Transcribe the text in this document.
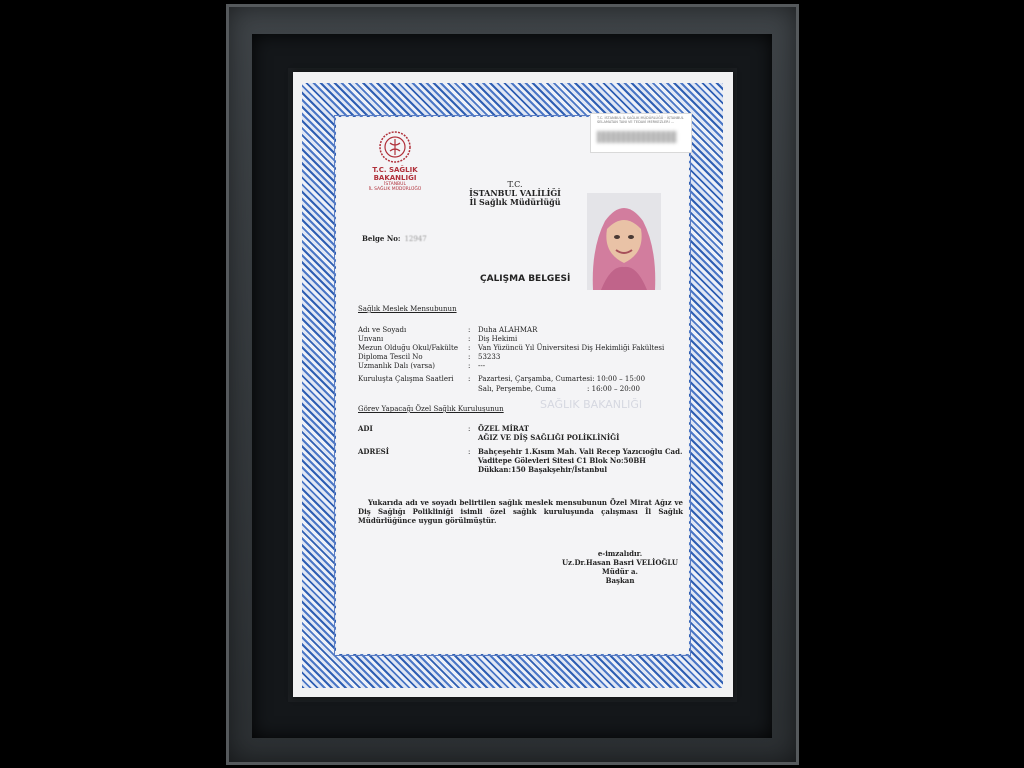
SAĞLIK BAKANLIĞI
T.C. SAĞLIK BAKANLIĞI
İSTANBUL
İL SAĞLIK MÜDÜRLÜĞÜ
T.C. İSTANBUL İL SAĞLIK MÜDÜRLÜĞÜ · İSTANBUL SELAMATAN TANI VE TEDAVİ MERKEZLERİ ...
T.C.
İSTANBUL VALİLİĞİ
İl Sağlık Müdürlüğü
Belge No: 12947
ÇALIŞMA BELGESİ
Sağlık Meslek Mensubunun
Adı ve Soyadı	: Duha ALAHMAR
Unvanı	: Diş Hekimi
Mezun Olduğu Okul/Fakülte	: Van Yüzüncü Yıl Üniversitesi Diş Hekimliği Fakültesi
Diploma Tescil No	: 53233
Uzmanlık Dalı (varsa)	: ---
Kuruluşta Çalışma Saatleri	: Pazartesi, Çarşamba, Cumartesi: 10:00 – 15:00
Salı, Perşembe, Cuma              : 16:00 – 20:00
Görev Yapacağı Özel Sağlık Kuruluşunun
ADI	: ÖZEL MİRAT
AĞIZ VE DİŞ SAĞLIĞI POLİKLİNİĞİ
ADRESİ	: Bahçeşehir 1.Kısım Mah. Vali Recep Yazıcıoğlu Cad.
Vaditepe Gölevleri Sitesi C1 Blok No:50BH
Dükkan:150 Başakşehir/İstanbul
Yukarıda adı ve soyadı belirtilen sağlık meslek mensubunun Özel Mirat Ağız ve Diş Sağlığı Polikliniği isimli özel sağlık kuruluşunda çalışması İl Sağlık Müdürlüğünce uygun görülmüştür.
e-imzalıdır.
Uz.Dr.Hasan Basri VELİOĞLU
Müdür a.
Başkan
